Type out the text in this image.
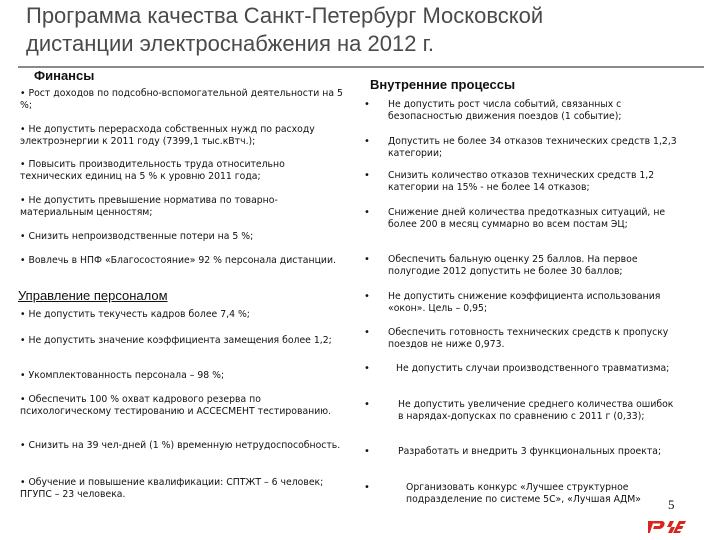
Программа качества Санкт-Петербург Московской дистанции электроснабжения на 2012 г.
Финансы
Внутренние процессы
• Рост доходов по подсобно-вспомогательной деятельности на 5 %;
• Не допустить перерасхода собственных нужд по расходу электроэнергии к 2011 году (7399,1 тыс.кВтч.);
• Повысить производительность труда относительно технических единиц на 5 % к уровню 2011 года;
• Не допустить превышение норматива по товарно-материальным ценностям;
• Снизить непроизводственные потери на 5 %;
• Вовлечь в НПФ «Благосостояние» 92 % персонала дистанции.
Управление персоналом
• Не допустить текучесть кадров более 7,4 %;
• Не допустить значение коэффициента замещения более 1,2;
• Укомплектованность персонала – 98 %;
• Обеспечить 100 % охват кадрового резерва по психологическому тестированию и АССЕСМЕНТ тестированию.
• Снизить на 39 чел-дней (1 %) временную нетрудоспособность.
• Обучение и повышение квалификации: СПТЖТ – 6 человек; ПГУПС – 23 человека.
• Не допустить рост числа событий, связанных с безопасностью движения поездов (1 событие);
• Допустить не более 34 отказов технических средств 1,2,3 категории;
• Снизить количество отказов технических средств 1,2 категории на 15% - не более 14 отказов;
• Снижение дней количества предотказных ситуаций, не более 200 в месяц суммарно во всем постам ЭЦ;
• Обеспечить бальную оценку 25 баллов. На первое полугодие 2012 допустить не более 30 баллов;
• Не допустить снижение коэффициента использования «окон». Цель – 0,95;
• Обеспечить готовность технических средств к пропуску поездов не ниже 0,973.
•	Не допустить случаи производственного травматизма;
•	Не допустить увеличение среднего количества ошибок в нарядах-допусках по сравнению с 2011 г (0,33);
•	Разработать и внедрить 3 функциональных проекта;
•	Организовать конкурс «Лучшее структурное подразделение по системе 5С», «Лучшая АДМ»	5
